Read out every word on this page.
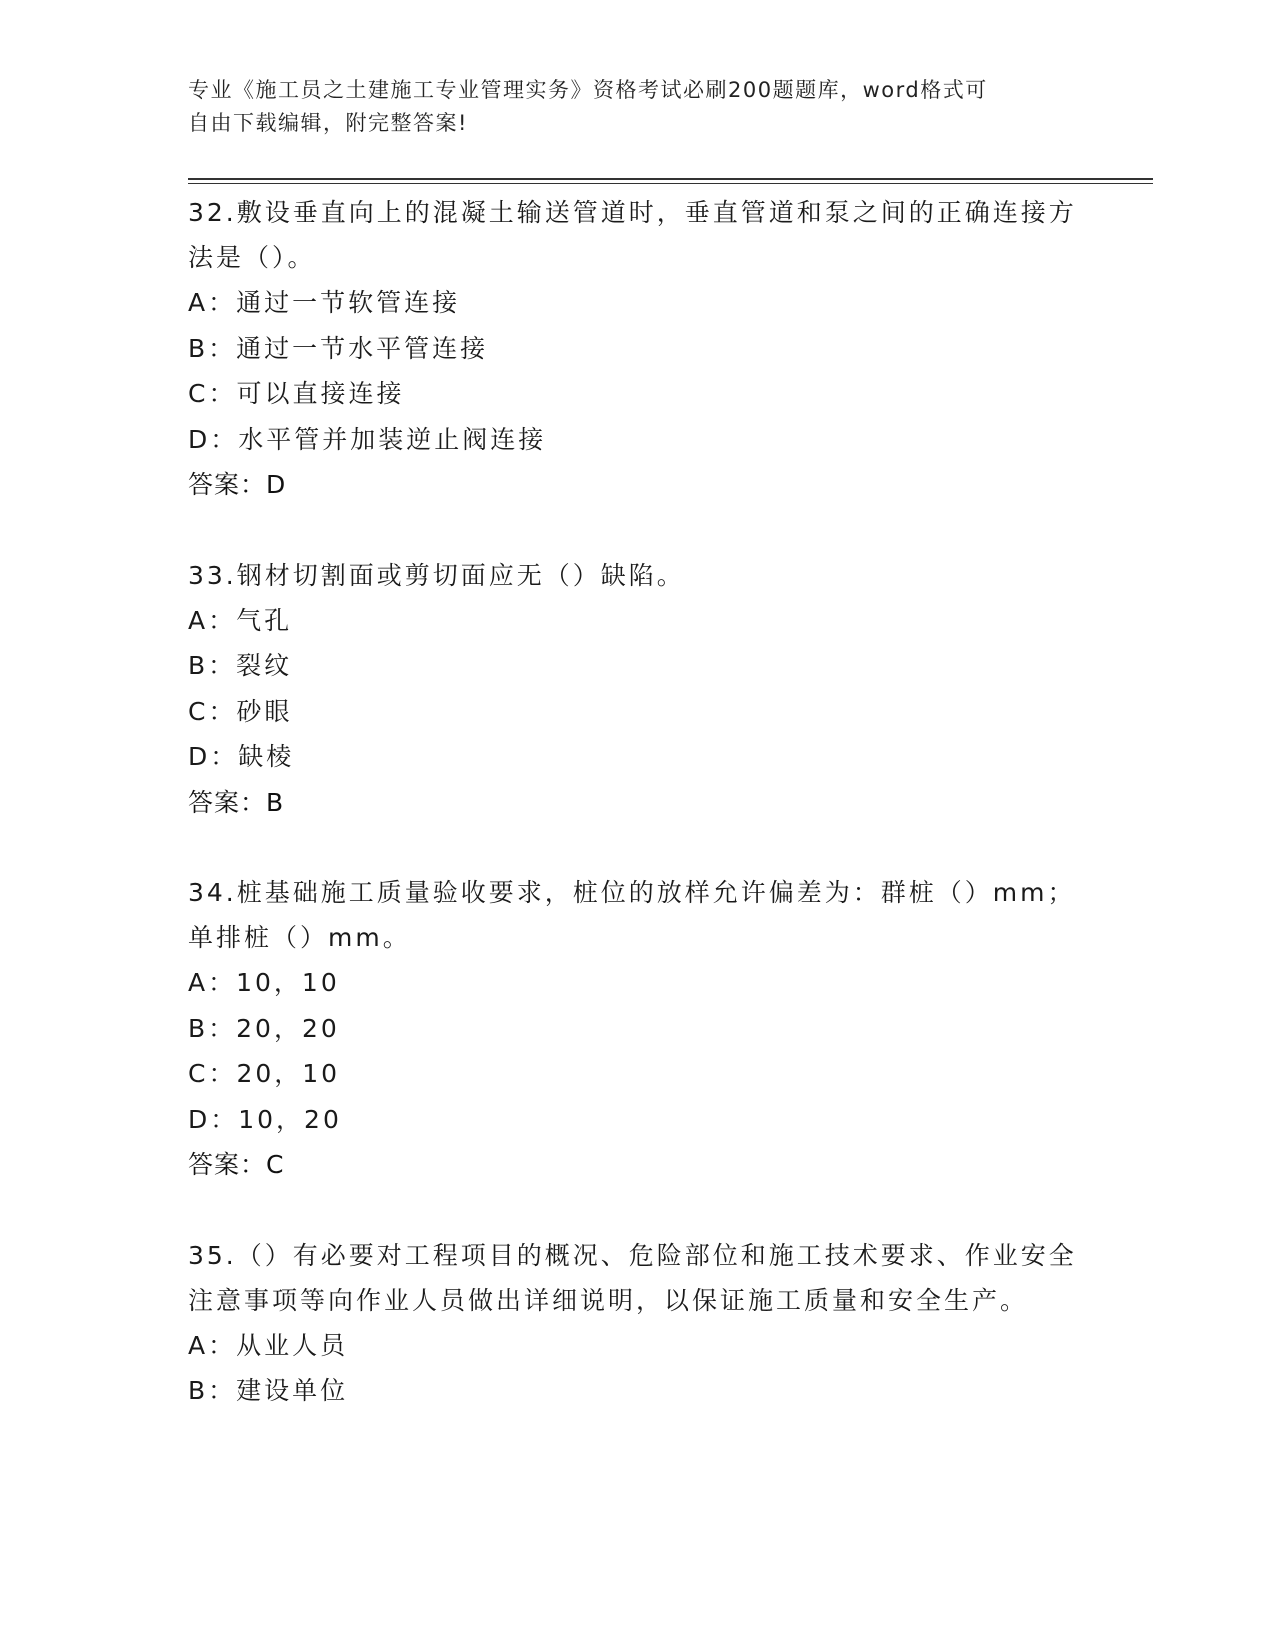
专业《施工员之土建施工专业管理实务》资格考试必刷200题题库，word格式可
自由下载编辑，附完整答案!

32.敷设垂直向上的混凝土输送管道时，垂直管道和泵之间的正确连接方法是（）。

A：通过一节软管连接

B：通过一节水平管连接

C：可以直接连接

D：水平管并加装逆止阀连接

答案：D

33.钢材切割面或剪切面应无（）缺陷。

A：气孔

B：裂纹

C：砂眼

D：缺棱

答案：B

34.桩基础施工质量验收要求，桩位的放样允许偏差为：群桩（）mm；单排桩（）mm。

A：10，10

B：20，20

C：20，10

D：10，20

答案：C

35.（）有必要对工程项目的概况、危险部位和施工技术要求、作业安全注意事项等向作业人员做出详细说明，以保证施工质量和安全生产。

A：从业人员

B：建设单位
